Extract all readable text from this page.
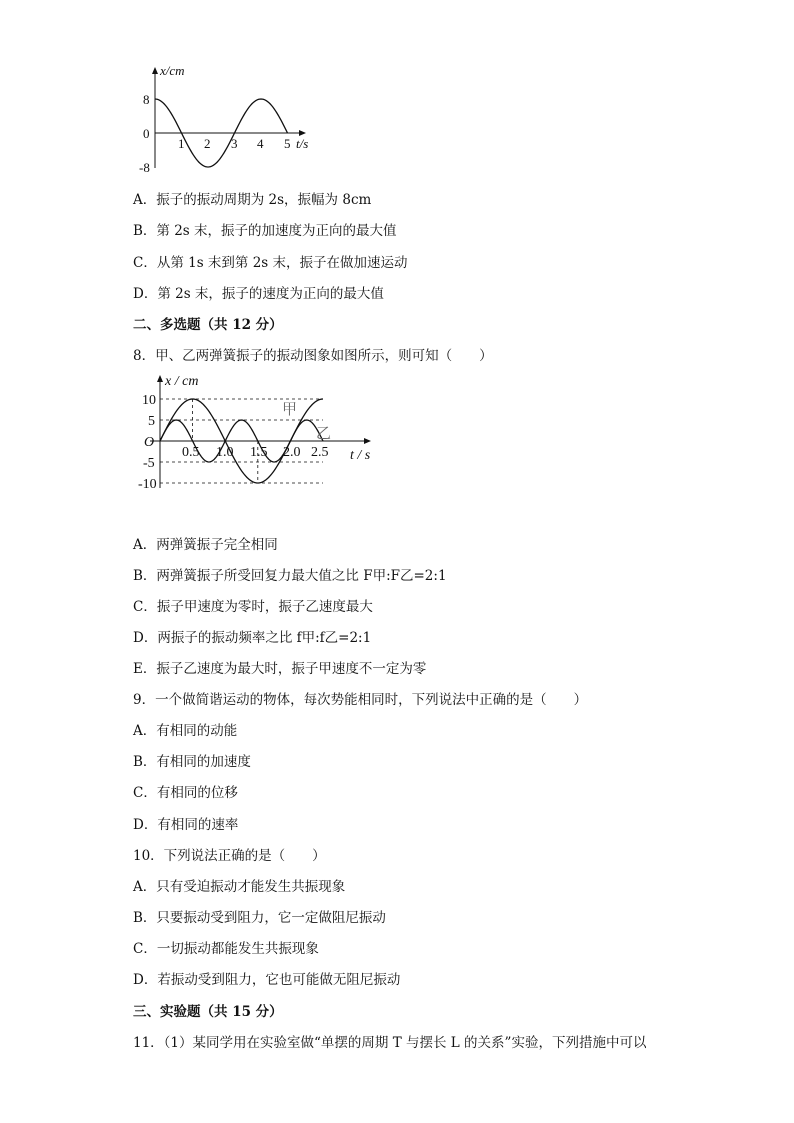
x/cm
t/s
8
0
-8
1 2 3 4 5
A．振子的振动周期为 2s，振幅为 8cm
B．第 2s 末，振子的加速度为正向的最大值
C．从第 1s 末到第 2s 末，振子在做加速运动
D．第 2s 末，振子的速度为正向的最大值
二、多选题（共 12 分）
8．甲、乙两弹簧振子的振动图象如图所示，则可知（　　）
x / cm
t / s
O
10
5
-5
-10
0.5 1.0 1.5 2.0 2.5
甲
乙
A．两弹簧振子完全相同
B．两弹簧振子所受回复力最大值之比 F甲:F乙=2:1
C．振子甲速度为零时，振子乙速度最大
D．两振子的振动频率之比 f甲:f乙=2:1
E．振子乙速度为最大时，振子甲速度不一定为零
9．一个做简谐运动的物体，每次势能相同时，下列说法中正确的是（　　）
A．有相同的动能
B．有相同的加速度
C．有相同的位移
D．有相同的速率
10．下列说法正确的是（　　）
A．只有受迫振动才能发生共振现象
B．只要振动受到阻力，它一定做阻尼振动
C．一切振动都能发生共振现象
D．若振动受到阻力，它也可能做无阻尼振动
三、实验题（共 15 分）
11．（1）某同学用在实验室做“单摆的周期 T 与摆长 L 的关系”实验，下列措施中可以
